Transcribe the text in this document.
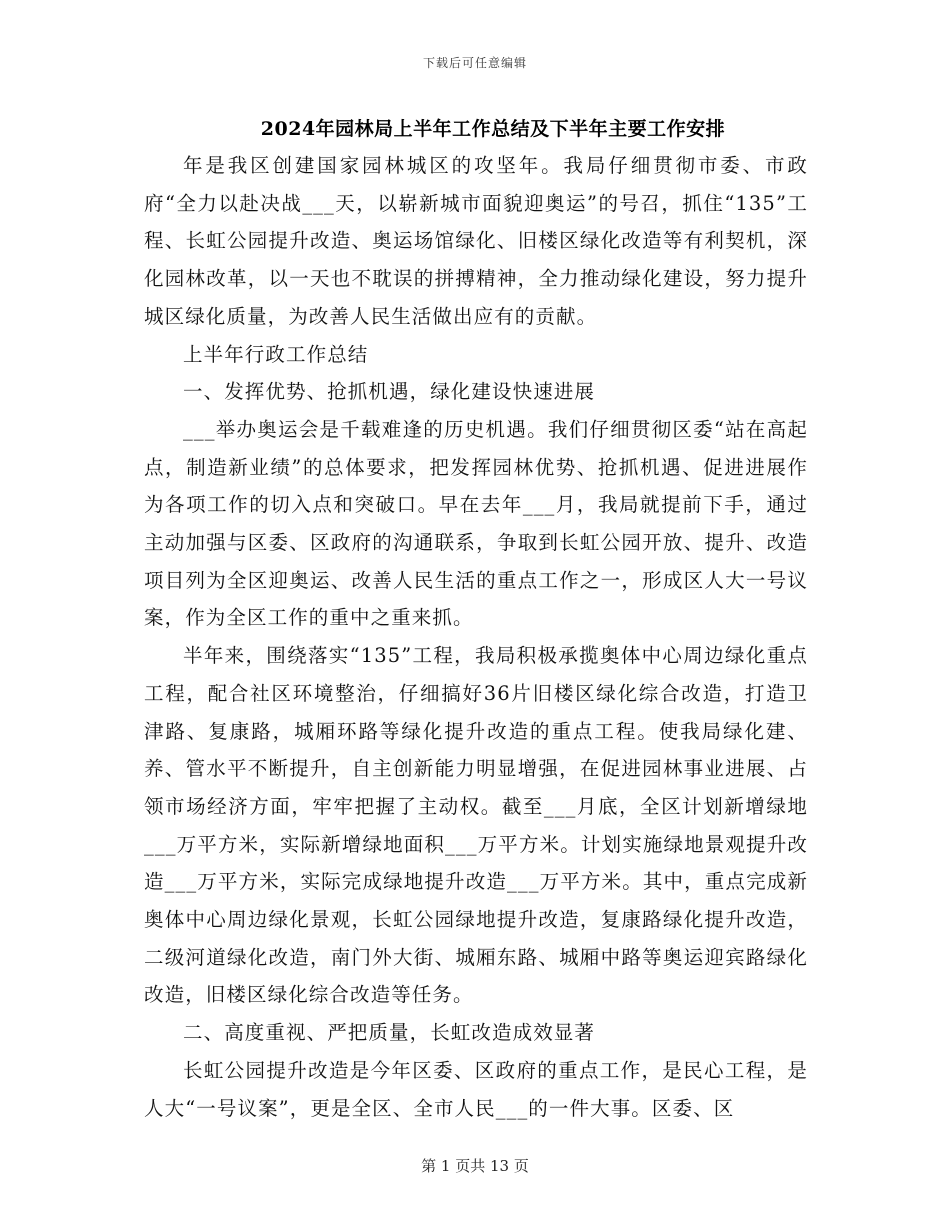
下载后可任意编辑
2024年园林局上半年工作总结及下半年主要工作安排

年是我区创建国家园林城区的攻坚年。我局仔细贯彻市委、市政府“全力以赴决战___天，以崭新城市面貌迎奥运”的号召，抓住“135”工程、长虹公园提升改造、奥运场馆绿化、旧楼区绿化改造等有利契机，深化园林改革，以一天也不耽误的拼搏精神，全力推动绿化建设，努力提升城区绿化质量，为改善人民生活做出应有的贡献。

上半年行政工作总结

一、发挥优势、抢抓机遇，绿化建设快速进展

___举办奥运会是千载难逢的历史机遇。我们仔细贯彻区委“站在高起点，制造新业绩”的总体要求，把发挥园林优势、抢抓机遇、促进进展作为各项工作的切入点和突破口。早在去年___月，我局就提前下手，通过主动加强与区委、区政府的沟通联系，争取到长虹公园开放、提升、改造项目列为全区迎奥运、改善人民生活的重点工作之一，形成区人大一号议案，作为全区工作的重中之重来抓。

半年来，围绕落实“135”工程，我局积极承揽奥体中心周边绿化重点工程，配合社区环境整治，仔细搞好36片旧楼区绿化综合改造，打造卫津路、复康路，城厢环路等绿化提升改造的重点工程。使我局绿化建、养、管水平不断提升，自主创新能力明显增强，在促进园林事业进展、占领市场经济方面，牢牢把握了主动权。截至___月底，全区计划新增绿地___万平方米，实际新增绿地面积___万平方米。计划实施绿地景观提升改造___万平方米，实际完成绿地提升改造___万平方米。其中，重点完成新奥体中心周边绿化景观，长虹公园绿地提升改造，复康路绿化提升改造，二级河道绿化改造，南门外大街、城厢东路、城厢中路等奥运迎宾路绿化改造，旧楼区绿化综合改造等任务。

二、高度重视、严把质量，长虹改造成效显著

长虹公园提升改造是今年区委、区政府的重点工作，是民心工程，是人大“一号议案”，更是全区、全市人民___的一件大事。区委、区

第 1 页共 13 页
